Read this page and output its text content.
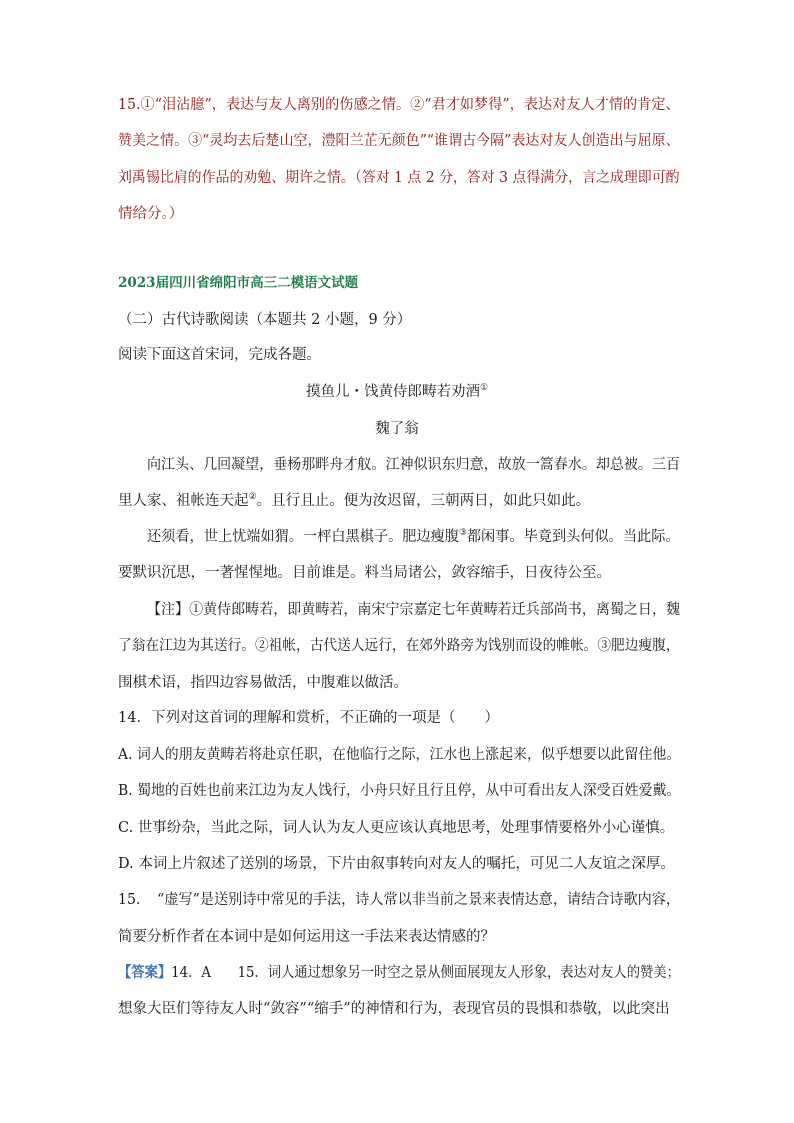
15.①“泪沾臆”，表达与友人离别的伤感之情。②“君才如梦得”，表达对友人才情的肯定、
赞美之情。③“灵均去后楚山空，澧阳兰芷无颜色”“谁谓古今隔”表达对友人创造出与屈原、
刘禹锡比肩的作品的劝勉、期许之情。（答对 1 点 2 分，答对 3 点得满分，言之成理即可酌
情给分。）
2023届四川省绵阳市高三二模语文试题
（二）古代诗歌阅读（本题共 2 小题，9 分）
阅读下面这首宋词，完成各题。
摸鱼儿・饯黄侍郎畴若劝酒①
魏了翁
向江头、几回凝望，垂杨那畔舟才舣。江神似识东归意，故放一篙春水。却总被。三百
里人家、祖帐连天起②。且行且止。便为汝迟留，三朝两日，如此只如此。
还须看，世上忧端如猬。一枰白黑棋子。肥边瘦腹③都闲事。毕竟到头何似。当此际。
要默识沉思，一著惺惺地。目前谁是。料当局诸公，敛容缩手，日夜待公至。
【注】①黄侍郎畴若，即黄畴若，南宋宁宗嘉定七年黄畴若迁兵部尚书，离蜀之日，魏
了翁在江边为其送行。②祖帐，古代送人远行，在郊外路旁为饯别而设的帷帐。③肥边瘦腹，
围棋术语，指四边容易做活，中腹难以做活。
14．下列对这首词的理解和赏析，不正确的一项是（　　）
A. 词人的朋友黄畴若将赴京任职，在他临行之际，江水也上涨起来，似乎想要以此留住他。
B. 蜀地的百姓也前来江边为友人饯行，小舟只好且行且停，从中可看出友人深受百姓爱戴。
C. 世事纷杂，当此之际，词人认为友人更应该认真地思考，处理事情要格外小心谨慎。
D. 本词上片叙述了送别的场景，下片由叙事转向对友人的嘱托，可见二人友谊之深厚。
15．　“虚写”是送别诗中常见的手法，诗人常以非当前之景来表情达意，请结合诗歌内容，
简要分析作者在本词中是如何运用这一手法来表达情感的？
【答案】14．A　　15．词人通过想象另一时空之景从侧面展现友人形象，表达对友人的赞美；
想象大臣们等待友人时“敛容”“缩手”的神情和行为，表现官员的畏惧和恭敬，以此突出
